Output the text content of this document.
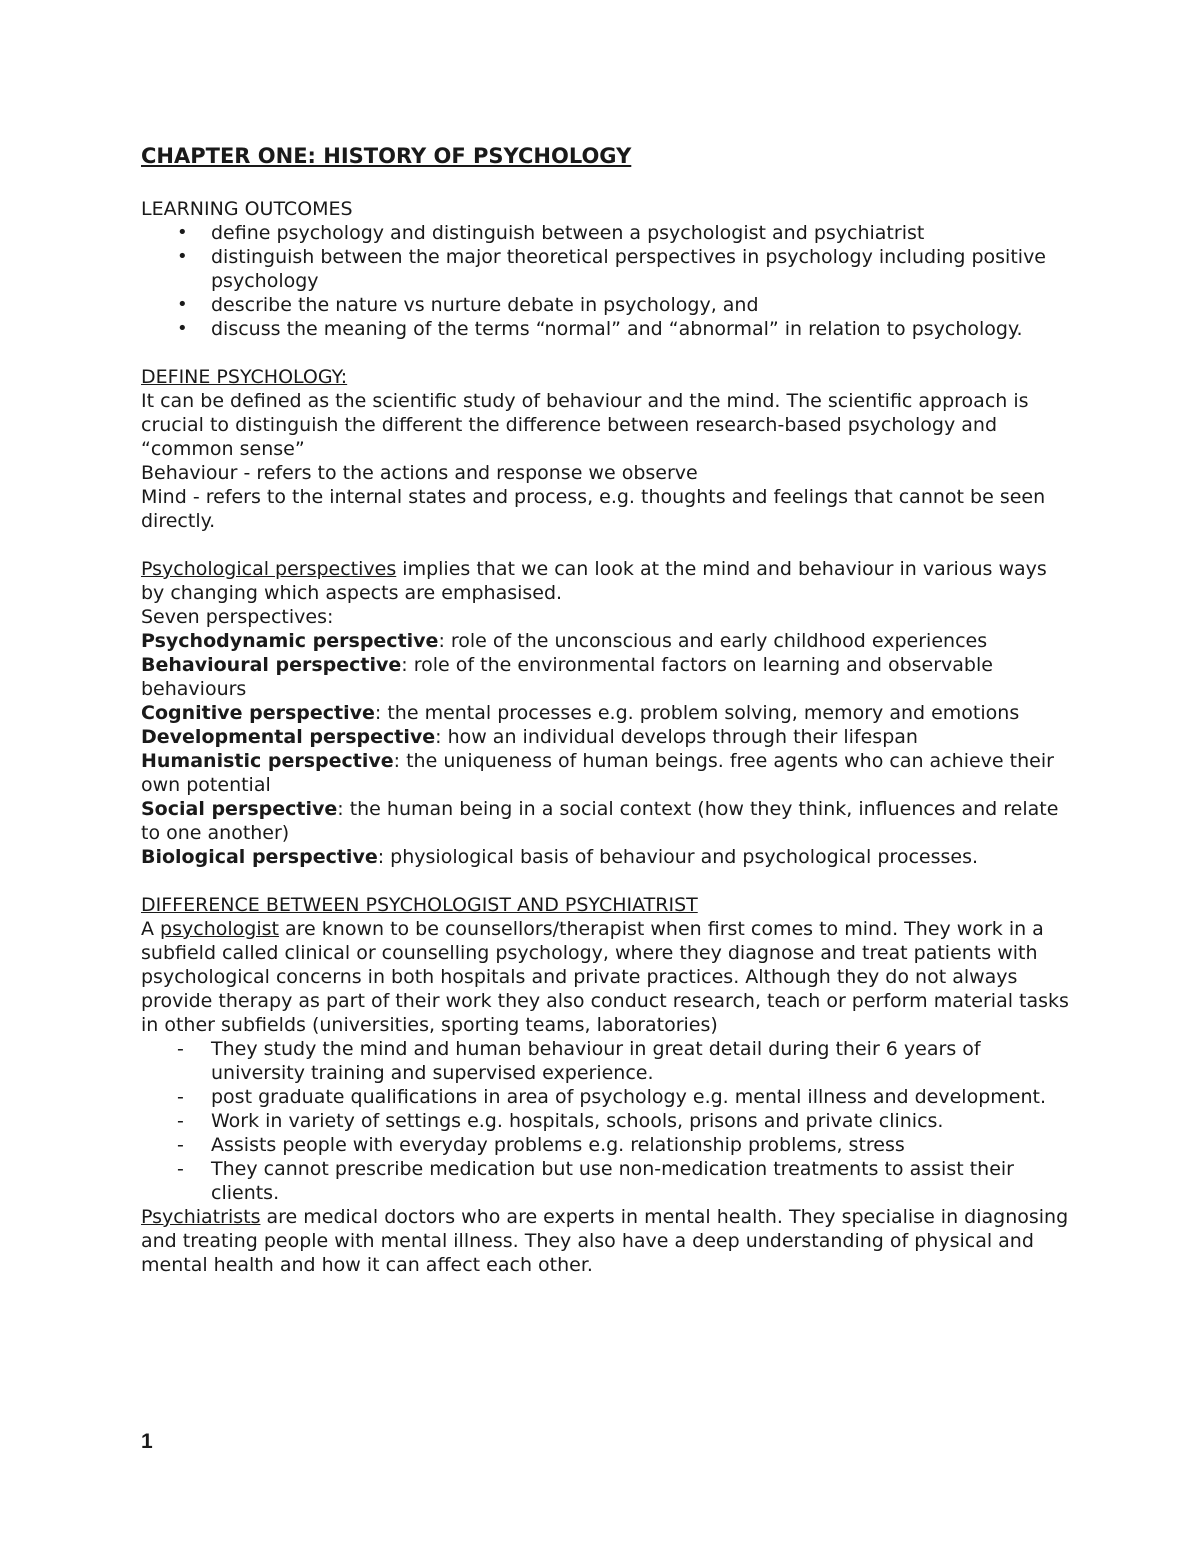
CHAPTER ONE: HISTORY OF PSYCHOLOGY
LEARNING OUTCOMES
• define psychology and distinguish between a psychologist and psychiatrist
• distinguish between the major theoretical perspectives in psychology including positive psychology
• describe the nature vs nurture debate in psychology, and
• discuss the meaning of the terms “normal” and “abnormal” in relation to psychology.
DEFINE PSYCHOLOGY:
It can be defined as the scientific study of behaviour and the mind. The scientific approach is crucial to distinguish the different the difference between research-based psychology and “common sense”
Behaviour - refers to the actions and response we observe
Mind - refers to the internal states and process, e.g. thoughts and feelings that cannot be seen directly.
Psychological perspectives implies that we can look at the mind and behaviour in various ways by changing which aspects are emphasised.
Seven perspectives:
Psychodynamic perspective: role of the unconscious and early childhood experiences
Behavioural perspective: role of the environmental factors on learning and observable behaviours
Cognitive perspective: the mental processes e.g. problem solving, memory and emotions
Developmental perspective: how an individual develops through their lifespan
Humanistic perspective: the uniqueness of human beings. free agents who can achieve their own potential
Social perspective: the human being in a social context (how they think, influences and relate to one another)
Biological perspective: physiological basis of behaviour and psychological processes.
DIFFERENCE BETWEEN PSYCHOLOGIST AND PSYCHIATRIST
A psychologist are known to be counsellors/therapist when first comes to mind. They work in a subfield called clinical or counselling psychology, where they diagnose and treat patients with psychological concerns in both hospitals and private practices. Although they do not always provide therapy as part of their work they also conduct research, teach or perform material tasks in other subfields (universities, sporting teams, laboratories)
- They study the mind and human behaviour in great detail during their 6 years of university training and supervised experience.
- post graduate qualifications in area of psychology e.g. mental illness and development.
- Work in variety of settings e.g. hospitals, schools, prisons and private clinics.
- Assists people with everyday problems e.g. relationship problems, stress
- They cannot prescribe medication but use non-medication treatments to assist their clients.
Psychiatrists are medical doctors who are experts in mental health. They specialise in diagnosing and treating people with mental illness. They also have a deep understanding of physical and mental health and how it can affect each other.
1
